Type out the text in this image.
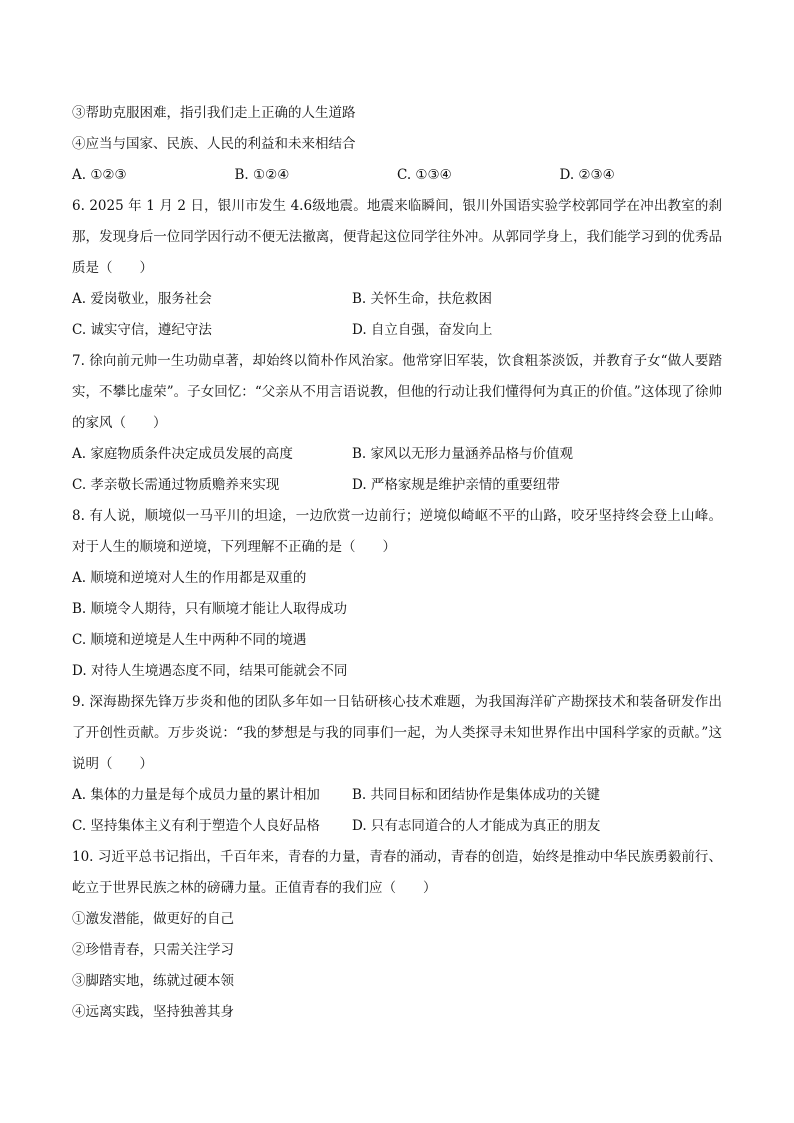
③帮助克服困难，指引我们走上正确的人生道路
④应当与国家、民族、人民的利益和未来相结合
A. ①②③	B. ①②④	C. ①③④	D. ②③④
6. 2025 年 1 月 2 日，银川市发生 4.6级地震。地震来临瞬间，银川外国语实验学校郭同学在冲出教室的刹那，发现身后一位同学因行动不便无法撤离，便背起这位同学往外冲。从郭同学身上，我们能学习到的优秀品质是（　　）
A. 爱岗敬业，服务社会	B. 关怀生命，扶危救困
C. 诚实守信，遵纪守法	D. 自立自强，奋发向上
7. 徐向前元帅一生功勋卓著，却始终以简朴作风治家。他常穿旧军装，饮食粗茶淡饭，并教育子女“做人要踏实，不攀比虚荣”。子女回忆：“父亲从不用言语说教，但他的行动让我们懂得何为真正的价值。”这体现了徐帅的家风（　　）
A. 家庭物质条件决定成员发展的高度	B. 家风以无形力量涵养品格与价值观
C. 孝亲敬长需通过物质赡养来实现	D. 严格家规是维护亲情的重要纽带
8. 有人说，顺境似一马平川的坦途，一边欣赏一边前行；逆境似崎岖不平的山路，咬牙坚持终会登上山峰。对于人生的顺境和逆境，下列理解不正确的是（　　）
A. 顺境和逆境对人生的作用都是双重的
B. 顺境令人期待，只有顺境才能让人取得成功
C. 顺境和逆境是人生中两种不同的境遇
D. 对待人生境遇态度不同，结果可能就会不同
9. 深海勘探先锋万步炎和他的团队多年如一日钻研核心技术难题，为我国海洋矿产勘探技术和装备研发作出了开创性贡献。万步炎说：“我的梦想是与我的同事们一起，为人类探寻未知世界作出中国科学家的贡献。”这说明（　　）
A. 集体的力量是每个成员力量的累计相加	B. 共同目标和团结协作是集体成功的关键
C. 坚持集体主义有利于塑造个人良好品格	D. 只有志同道合的人才能成为真正的朋友
10. 习近平总书记指出，千百年来，青春的力量，青春的涌动，青春的创造，始终是推动中华民族勇毅前行、屹立于世界民族之林的磅礴力量。正值青春的我们应（　　）
①激发潜能，做更好的自己
②珍惜青春，只需关注学习
③脚踏实地，练就过硬本领
④远离实践，坚持独善其身
